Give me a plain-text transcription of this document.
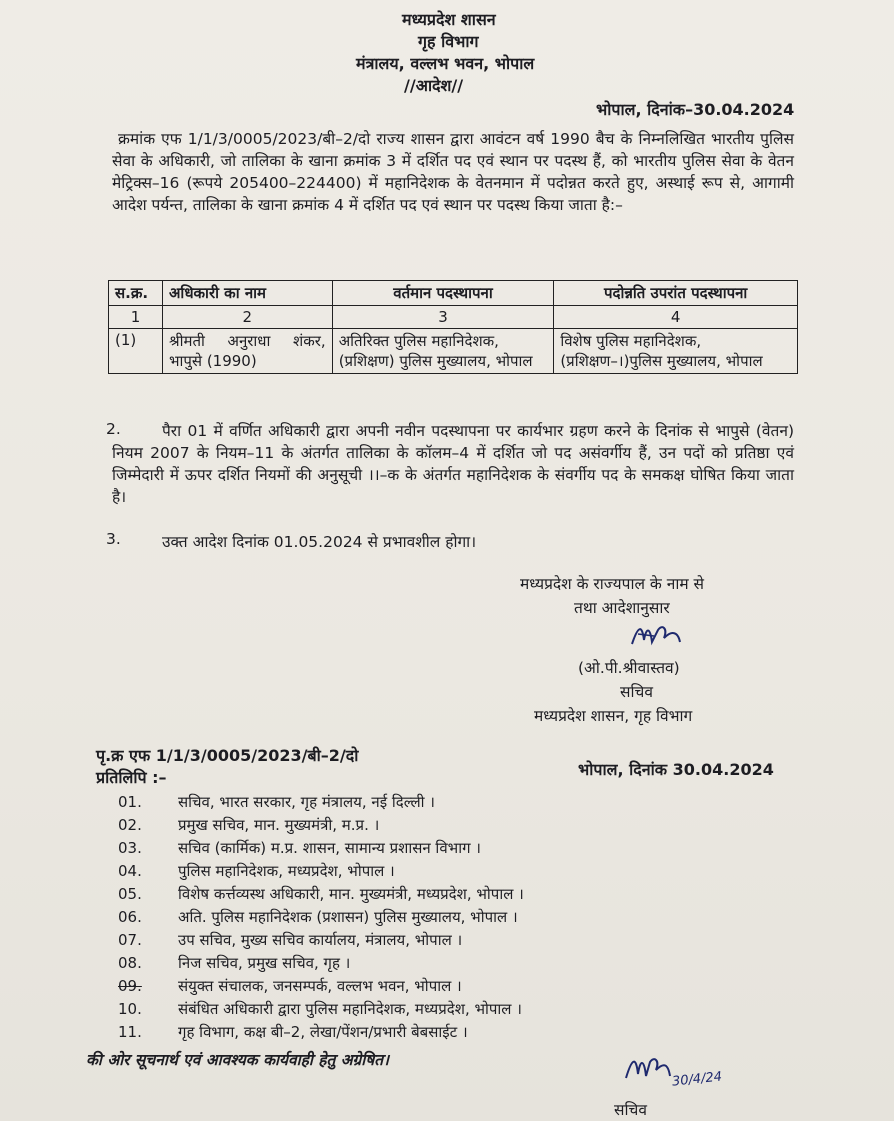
मध्यप्रदेश शासन
गृह विभाग
मंत्रालय, वल्लभ भवन, भोपाल
//आदेश//
भोपाल, दिनांक–30.04.2024

क्रमांक एफ 1/1/3/0005/2023/बी–2/दो राज्य शासन द्वारा आवंटन वर्ष 1990 बैच के निम्नलिखित भारतीय पुलिस सेवा के अधिकारी, जो तालिका के खाना क्रमांक 3 में दर्शित पद एवं स्थान पर पदस्थ हैं, को भारतीय पुलिस सेवा के वेतन मेट्रिक्स–16 (रूपये 205400–224400) में महानिदेशक के वेतनमान में पदोन्नत करते हुए, अस्थाई रूप से, आगामी आदेश पर्यन्त, तालिका के खाना क्रमांक 4 में दर्शित पद एवं स्थान पर पदस्थ किया जाता है:–

स.क्र.	अधिकारी का नाम	वर्तमान पदस्थापना	पदोन्नति उपरांत पदस्थापना
1	2	3	4
(1)	श्रीमती अनुराधा शंकर, भापुसे (1990)	अतिरिक्त पुलिस महानिदेशक, (प्रशिक्षण) पुलिस मुख्यालय, भोपाल	विशेष पुलिस महानिदेशक, (प्रशिक्षण–।)पुलिस मुख्यालय, भोपाल
2.	पैरा 01 में वर्णित अधिकारी द्वारा अपनी नवीन पदस्थापना पर कार्यभार ग्रहण करने के दिनांक से भापुसे (वेतन) नियम 2007 के नियम–11 के अंतर्गत तालिका के कॉलम–4 में दर्शित जो पद असंवर्गीय हैं, उन पदों को प्रतिष्ठा एवं जिम्मेदारी में ऊपर दर्शित नियमों की अनुसूची ।।–क के अंतर्गत महानिदेशक के संवर्गीय पद के समकक्ष घोषित किया जाता है।

3.	उक्त आदेश दिनांक 01.05.2024 से प्रभावशील होगा।
मध्यप्रदेश के राज्यपाल के नाम से
तथा आदेशानुसार
(ओ.पी.श्रीवास्तव)
सचिव
मध्यप्रदेश शासन, गृह विभाग
पृ.क्र एफ 1/1/3/0005/2023/बी–2/दो
प्रतिलिपि :–	भोपाल, दिनांक 30.04.2024
01. सचिव, भारत सरकार, गृह मंत्रालय, नई दिल्ली ।
02. प्रमुख सचिव, मान. मुख्यमंत्री, म.प्र. ।
03. सचिव (कार्मिक) म.प्र. शासन, सामान्य प्रशासन विभाग ।
04. पुलिस महानिदेशक, मध्यप्रदेश, भोपाल ।
05. विशेष कर्त्तव्यस्थ अधिकारी, मान. मुख्यमंत्री, मध्यप्रदेश, भोपाल ।
06. अति. पुलिस महानिदेशक (प्रशासन) पुलिस मुख्यालय, भोपाल ।
07. उप सचिव, मुख्य सचिव कार्यालय, मंत्रालय, भोपाल ।
08. निज सचिव, प्रमुख सचिव, गृह ।
09. संयुक्त संचालक, जनसम्पर्क, वल्लभ भवन, भोपाल ।
10. संबंधित अधिकारी द्वारा पुलिस महानिदेशक, मध्यप्रदेश, भोपाल ।
11. गृह विभाग, कक्ष बी–2, लेखा/पेंशन/प्रभारी बेबसाईट ।
की ओर सूचनार्थ एवं आवश्यक कार्यवाही हेतु अग्रेषित।
30/4/24
सचिव
